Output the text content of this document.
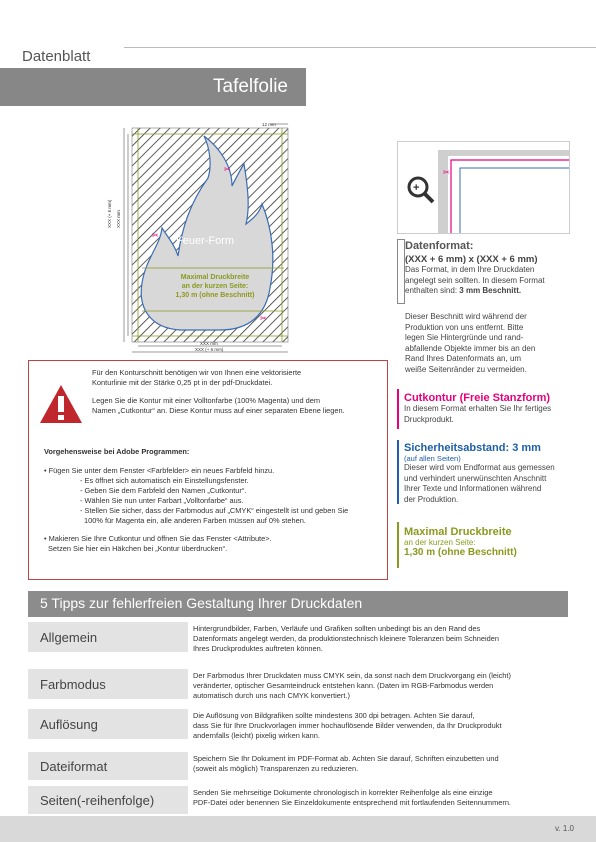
Datenblatt
Tafelfolie
✂
✂
✂
12 mm
XXX (+ 6 mm) XXX mm
XXX mm
XXX (+ 6 mm)
Feuer-Form
Maximal Druckbreite
an der kurzen Seite:
1,30 m (ohne Beschnitt)
+
✂
Datenformat:
(XXX + 6 mm) x (XXX + 6 mm)
Das Format, in dem Ihre Druckdaten
angelegt sein sollten. In diesem Format
enthalten sind: 3 mm Beschnitt.
Dieser Beschnitt wird während der
Produktion von uns entfernt. Bitte
legen Sie Hintergründe und rand-
abfallende Objekte immer bis an den
Rand Ihres Datenformats an, um
weiße Seitenränder zu vermeiden.
Cutkontur (Freie Stanzform)
In diesem Format erhalten Sie Ihr fertiges
Druckprodukt.
Sicherheitsabstand: 3 mm
(auf allen Seiten)
Dieser wird vom Endformat aus gemessen
und verhindert unerwünschten Anschnitt
Ihrer Texte und Informationen während
der Produktion.
Maximal Druckbreite
an der kurzen Seite:
1,30 m (ohne Beschnitt)
Für den Konturschnitt benötigen wir von Ihnen eine vektorisierte
Konturlinie mit der Stärke 0,25 pt in der pdf-Druckdatei.
Legen Sie die Kontur mit einer Volltonfarbe (100% Magenta) und dem
Namen „Cutkontur“ an. Diese Kontur muss auf einer separaten Ebene liegen.
Vorgehensweise bei Adobe Programmen:
• Fügen Sie unter dem Fenster <Farbfelder> ein neues Farbfeld hinzu.
- Es öffnet sich automatisch ein Einstellungsfenster.
- Geben Sie dem Farbfeld den Namen „Cutkontur“.
- Wählen Sie nun unter Farbart „Volltonfarbe“ aus.
- Stellen Sie sicher, dass der Farbmodus auf „CMYK“ eingestellt ist und geben Sie
100% für Magenta ein, alle anderen Farben müssen auf 0% stehen.
• Makieren Sie Ihre Cutkontur und öffnen Sie das Fenster <Attribute>.
Setzen Sie hier ein Häkchen bei „Kontur überdrucken“.
5 Tipps zur fehlerfreien Gestaltung Ihrer Druckdaten
Allgemein
Hintergrundbilder, Farben, Verläufe und Grafiken sollten unbedingt bis an den Rand des
Datenformats angelegt werden, da produktionstechnisch kleinere Toleranzen beim Schneiden
Ihres Druckproduktes auftreten können.
Farbmodus
Der Farbmodus Ihrer Druckdaten muss CMYK sein, da sonst nach dem Druckvorgang ein (leicht)
veränderter, optischer Gesamteindruck entstehen kann. (Daten im RGB-Farbmodus werden
automatisch durch uns nach CMYK konvertiert.)
Auflösung
Die Auflösung von Bildgrafiken sollte mindestens 300 dpi betragen. Achten Sie darauf,
dass Sie für Ihre Druckvorlagen immer hochauflösende Bilder verwenden, da Ihr Druckprodukt
andernfalls (leicht) pixelig wirken kann.
Dateiformat	Speichern Sie Ihr Dokument im PDF-Format ab. Achten Sie darauf, Schriften einzubetten und
(soweit als möglich) Transparenzen zu reduzieren.
Seiten(-reihenfolge)	Senden Sie mehrseitige Dokumente chronologisch in korrekter Reihenfolge als eine einzige
PDF-Datei oder benennen Sie Einzeldokumente entsprechend mit fortlaufenden Seitennummern.
v. 1.0
